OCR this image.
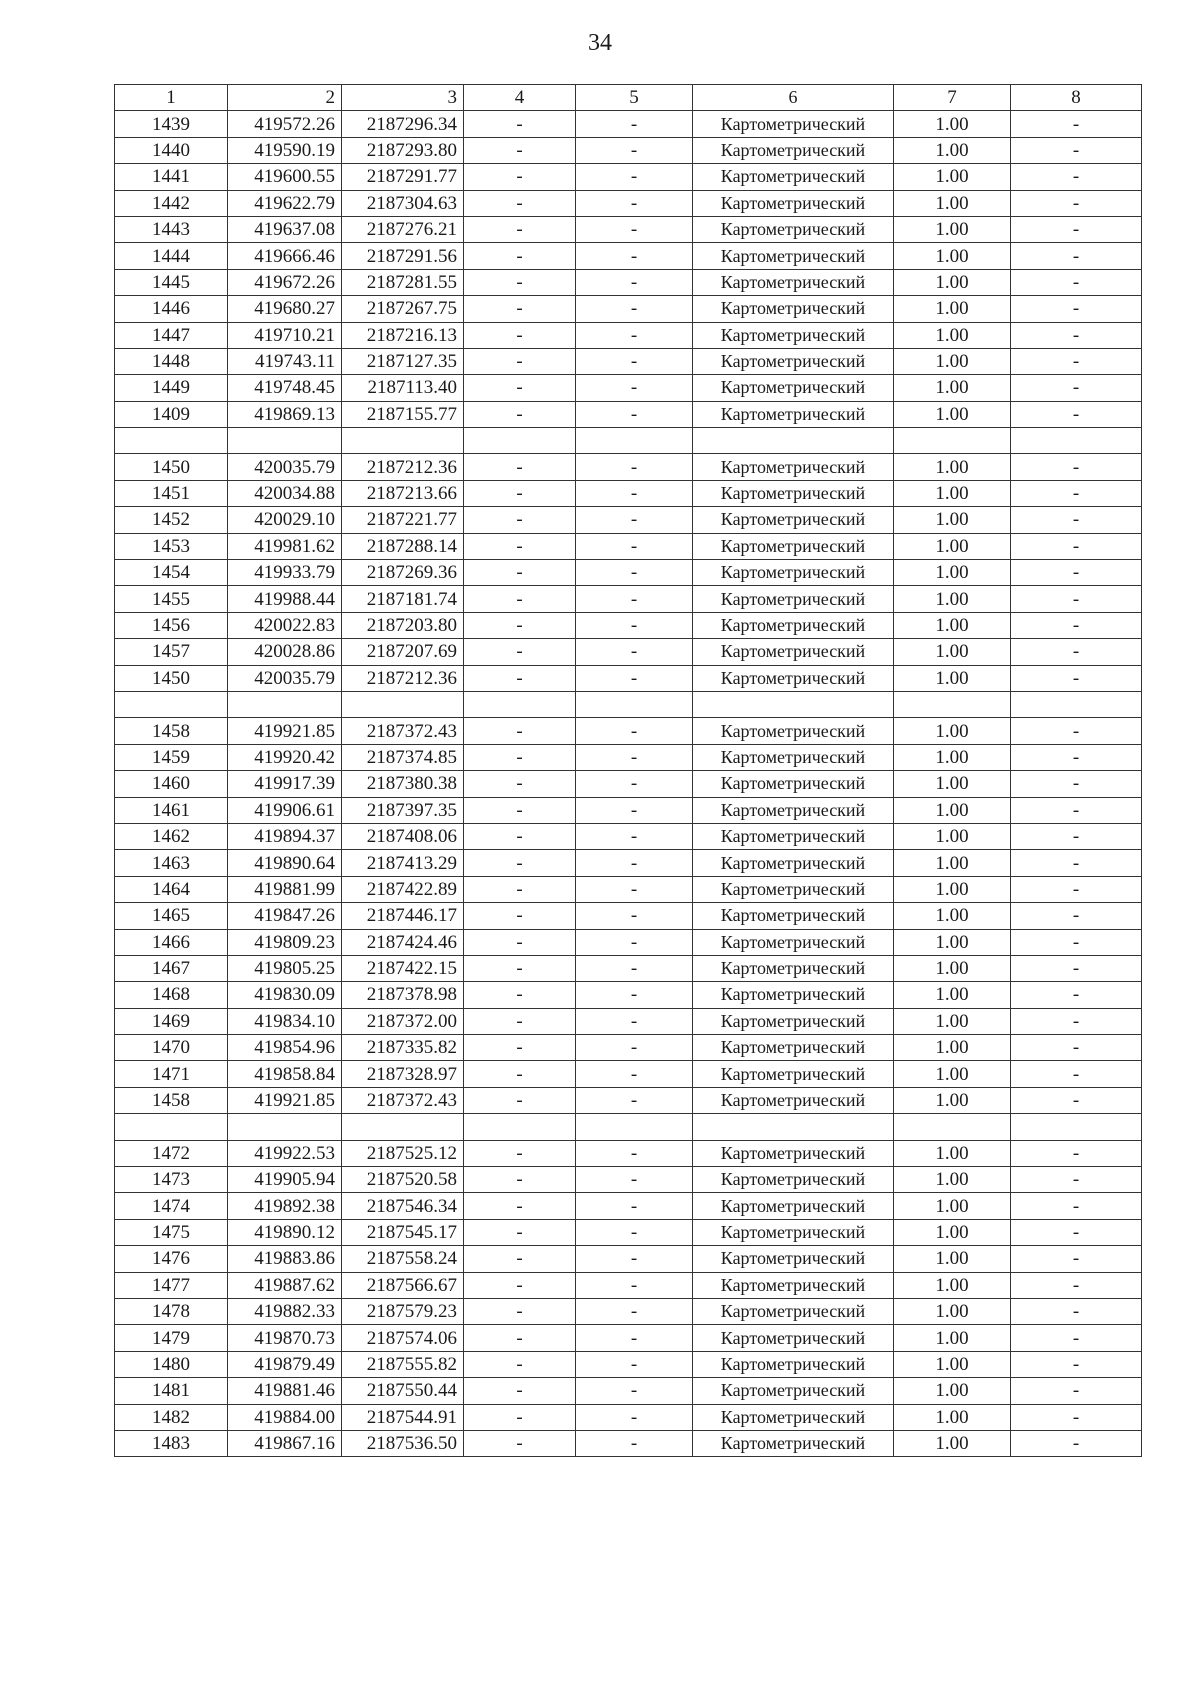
34
1	2	3	4	5	6	7	8
1439	419572.26	2187296.34	-	-	Картометрический	1.00	-
1440	419590.19	2187293.80	-	-	Картометрический	1.00	-
1441	419600.55	2187291.77	-	-	Картометрический	1.00	-
1442	419622.79	2187304.63	-	-	Картометрический	1.00	-
1443	419637.08	2187276.21	-	-	Картометрический	1.00	-
1444	419666.46	2187291.56	-	-	Картометрический	1.00	-
1445	419672.26	2187281.55	-	-	Картометрический	1.00	-
1446	419680.27	2187267.75	-	-	Картометрический	1.00	-
1447	419710.21	2187216.13	-	-	Картометрический	1.00	-
1448	419743.11	2187127.35	-	-	Картометрический	1.00	-
1449	419748.45	2187113.40	-	-	Картометрический	1.00	-
1409	419869.13	2187155.77	-	-	Картометрический	1.00	-

1450	420035.79	2187212.36	-	-	Картометрический	1.00	-
1451	420034.88	2187213.66	-	-	Картометрический	1.00	-
1452	420029.10	2187221.77	-	-	Картометрический	1.00	-
1453	419981.62	2187288.14	-	-	Картометрический	1.00	-
1454	419933.79	2187269.36	-	-	Картометрический	1.00	-
1455	419988.44	2187181.74	-	-	Картометрический	1.00	-
1456	420022.83	2187203.80	-	-	Картометрический	1.00	-
1457	420028.86	2187207.69	-	-	Картометрический	1.00	-
1450	420035.79	2187212.36	-	-	Картометрический	1.00	-

1458	419921.85	2187372.43	-	-	Картометрический	1.00	-
1459	419920.42	2187374.85	-	-	Картометрический	1.00	-
1460	419917.39	2187380.38	-	-	Картометрический	1.00	-
1461	419906.61	2187397.35	-	-	Картометрический	1.00	-
1462	419894.37	2187408.06	-	-	Картометрический	1.00	-
1463	419890.64	2187413.29	-	-	Картометрический	1.00	-
1464	419881.99	2187422.89	-	-	Картометрический	1.00	-
1465	419847.26	2187446.17	-	-	Картометрический	1.00	-
1466	419809.23	2187424.46	-	-	Картометрический	1.00	-
1467	419805.25	2187422.15	-	-	Картометрический	1.00	-
1468	419830.09	2187378.98	-	-	Картометрический	1.00	-
1469	419834.10	2187372.00	-	-	Картометрический	1.00	-
1470	419854.96	2187335.82	-	-	Картометрический	1.00	-
1471	419858.84	2187328.97	-	-	Картометрический	1.00	-
1458	419921.85	2187372.43	-	-	Картометрический	1.00	-

1472	419922.53	2187525.12	-	-	Картометрический	1.00	-
1473	419905.94	2187520.58	-	-	Картометрический	1.00	-
1474	419892.38	2187546.34	-	-	Картометрический	1.00	-
1475	419890.12	2187545.17	-	-	Картометрический	1.00	-
1476	419883.86	2187558.24	-	-	Картометрический	1.00	-
1477	419887.62	2187566.67	-	-	Картометрический	1.00	-
1478	419882.33	2187579.23	-	-	Картометрический	1.00	-
1479	419870.73	2187574.06	-	-	Картометрический	1.00	-
1480	419879.49	2187555.82	-	-	Картометрический	1.00	-
1481	419881.46	2187550.44	-	-	Картометрический	1.00	-
1482	419884.00	2187544.91	-	-	Картометрический	1.00	-
1483	419867.16	2187536.50	-	-	Картометрический	1.00	-
